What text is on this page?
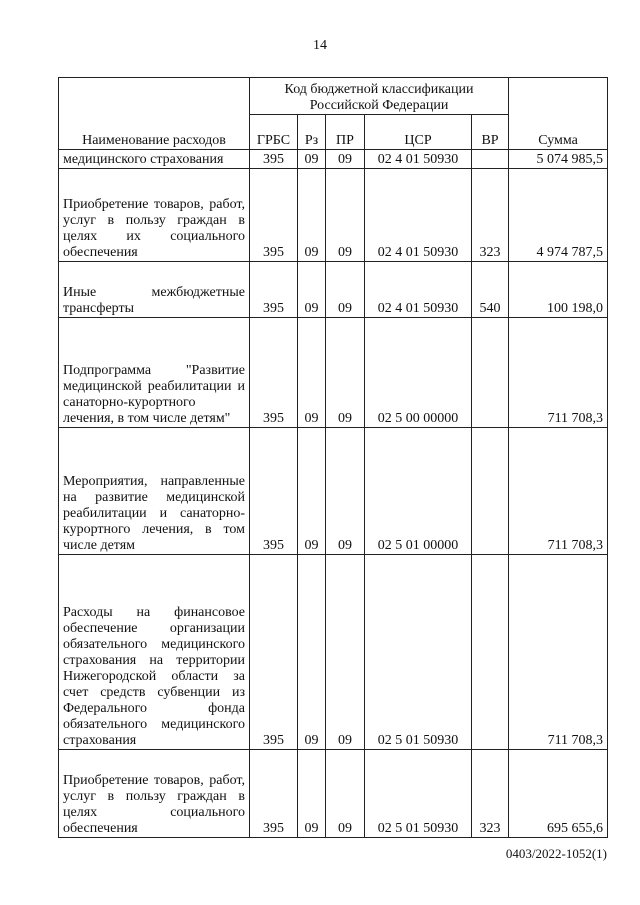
14
Наименование расходов	Код бюджетной классификации Российской Федерации					Сумма
	ГРБС	Рз	ПР	ЦСР	ВР	
медицинского страхования	395	09	09	02 4 01 50930		5 074 985,5
Приобретение товаров, работ, услуг в пользу граждан в целях их социального обеспечения	395	09	09	02 4 01 50930	323	4 974 787,5
Иные межбюджетные трансферты	395	09	09	02 4 01 50930	540	100 198,0
Подпрограмма "Развитие медицинской реабилитации и санаторно-курортного лечения, в том числе детям"	395	09	09	02 5 00 00000		711 708,3
Мероприятия, направленные на развитие медицинской реабилитации и санаторно-курортного лечения, в том числе детям	395	09	09	02 5 01 00000		711 708,3
Расходы на финансовое обеспечение организации обязательного медицинского страхования на территории Нижегородской области за счет средств субвенции из Федерального фонда обязательного медицинского страхования	395	09	09	02 5 01 50930		711 708,3
Приобретение товаров, работ, услуг в пользу граждан в целях социального обеспечения	395	09	09	02 5 01 50930	323	695 655,6
0403/2022-1052(1)
